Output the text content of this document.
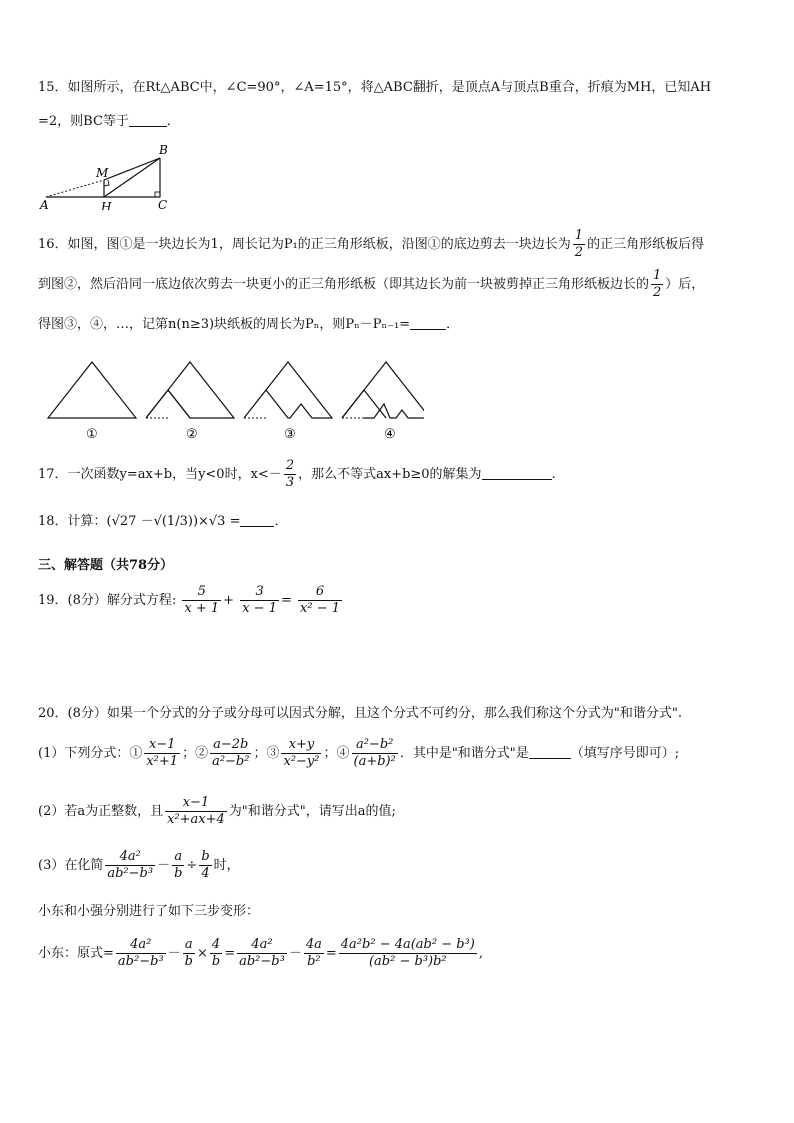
15．如图所示，在Rt△ABC中，∠C=90°，∠A=15°，将△ABC翻折，是顶点A与顶点B重合，折痕为MH，已知AH
=2，则BC等于	．
A
B
C
M
H
16．如图，图①是一块边长为1，周长记为P₁的正三角形纸板，沿图①的底边剪去一块边长为 $\frac{1}{2}$ 的正三角形纸板后得
到图②，然后沿同一底边依次剪去一块更小的正三角形纸板（即其边长为前一块被剪掉正三角形纸板边长的 $\frac{1}{2}$ ）后，
得图③，④，…，记第n(n≥3)块纸板的周长为Pₙ，则Pₙ－Pₙ₋₁=	．
①	②	③	④
17．一次函数y=ax+b，当y<0时，$x<- \frac{2}{3}$ ，那么不等式ax+b≥0的解集为	.
18．计算：(√27 －√(1/3))×√3 =	．
三、解答题（共78分）
19．(8分）解分式方程: $\frac{5}{x + 1} + \frac{3}{x - 1} = \frac{6}{\text{x² − 1}}$
20．(8分）如果一个分式的分子或分母可以因式分解，且这个分式不可约分，那么我们称这个分式为"和谐分式".
(1）下列分式：① $\frac{x-1}{\text{x²+1}}$ ；② $\frac{a-2b}{\text{a²−b²}}$ ；③ $\frac{x+y}{\text{x²−y²}}$ ；④ $\frac{\text{a²−b²}}{\text{(a+b)²}}$ ．其中是"和谐分式"是	（填写序号即可）;
(2）若a为正整数，且 $\frac{x-1}{\text{x²+ax+4}}$ 为"和谐分式"，请写出a的值;
(3）在化简 $\frac{\text{4a²}}{\text{ab²−b³}} - \frac{a}{b} \div \frac{b}{4}$ 时，
小东和小强分别进行了如下三步变形：
小东：原式= $\frac{\text{4a²}}{\text{ab²−b³}} - \frac{a}{b} \times \frac{4}{b} = \frac{\text{4a²}}{\text{ab²−b³}} - \frac{4a}{\text{b²}} = \frac{\text{4a²b² − 4a(ab² − b³)}}{\text{(ab² − b³)b²}}$ ,
